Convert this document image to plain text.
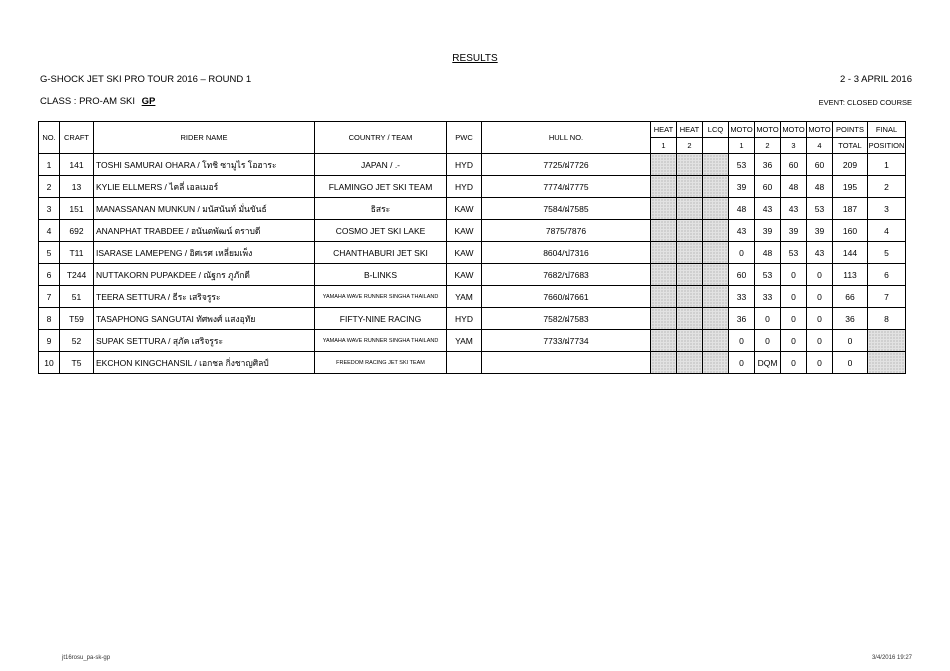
RESULTS
G-SHOCK JET SKI PRO TOUR 2016 – ROUND 1	2 - 3 APRIL 2016
CLASS : PRO-AM SKI GP	EVENT: CLOSED COURSE
NO.	CRAFT	RIDER NAME	COUNTRY / TEAM	PWC	HULL NO.	HEAT	HEAT	LCQ	MOTO	MOTO	MOTO	MOTO	POINTS	FINAL
						1	2		1	2	3	4	TOTAL	POSITION
1	141	TOSHI SAMURAI OHARA / โทชิ ซามูไร โอฮาระ	JAPAN / .-	HYD	7725/ฝ7726				53	36	60	60	209	1
2	13	KYLIE ELLMERS / ไคลี่ เอลเมอร์	FLAMINGO JET SKI TEAM	HYD	7774/ฝ7775				39	60	48	48	195	2
3	151	MANASSANAN MUNKUN / มนัสนันท์ มั่นขันธ์	ธิสระ	KAW	7584/ฝ7585				48	43	43	53	187	3
4	692	ANANPHAT TRABDEE / อนันตพัฒน์ ตราบดี	COSMO JET SKI LAKE	KAW	7875/7876				43	39	39	39	160	4
5	T11	ISARASE LAMEPENG / อิศเรศ เหลี่ยมเพ็ง	CHANTHABURI JET SKI	KAW	8604/ป7316				0	48	53	43	144	5
6	T244	NUTTAKORN PUPAKDEE / ณัฐกร ภูภักดี	B-LINKS	KAW	7682/ป7683				60	53	0	0	113	6
7	51	TEERA SETTURA / ธีระ เสริจรูระ	YAMAHA WAVE RUNNER SINGHA THAILAND	YAM	7660/ฝ7661				33	33	0	0	66	7
8	T59	TASAPHONG SANGUTAI ทัศพงศ์ แสงอุทัย	FIFTY-NINE RACING	HYD	7582/ฝ7583				36	0	0	0	36	8
9	52	SUPAK SETTURA / สุภัค เสริจรูระ	YAMAHA WAVE RUNNER SINGHA THAILAND	YAM	7733/ฝ7734				0	0	0	0	0	
10	T5	EKCHON KINGCHANSIL / เอกชล กิ่งชาญศิลป์	FREEDOM RACING JET SKI TEAM						0	DQM	0	0	0	
jt16rosu_pa-sk-gp	3/4/2016 19:27
